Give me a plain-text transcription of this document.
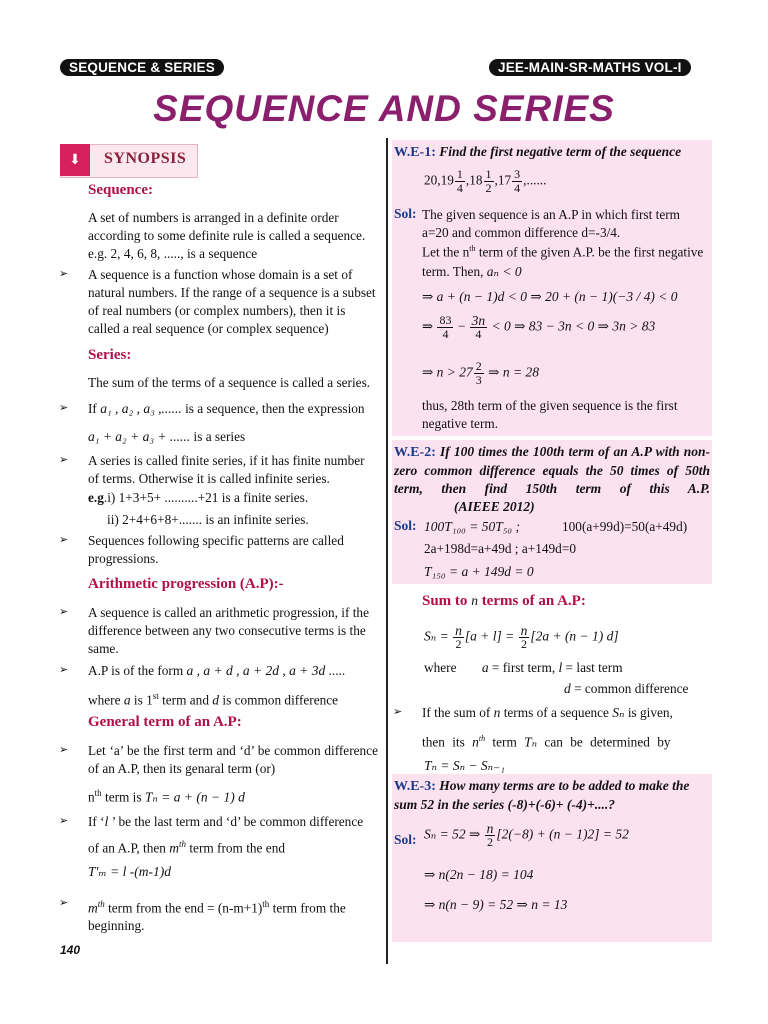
SEQUENCE & SERIES	JEE-MAIN-SR-MATHS VOL-I
SEQUENCE AND SERIES
⬇	SYNOPSIS
Sequence:
A set of numbers is arranged in a definite order according to some definite rule is called a sequence.
e.g. 2, 4, 6, 8, ....., is a sequence
➢ A sequence is a function whose domain is a set of natural numbers. If the range of a sequence is a subset of real numbers (or complex numbers), then it is called a real sequence (or complex sequence)
Series:
The sum of the terms of a sequence is called a series.
➢ If a₁ , a₂ , a₃ ,...... is a sequence, then the expression
a₁ + a₂ + a₃ + ...... is a series
➢ A series is called finite series, if it has finite number of terms. Otherwise it is called infinite series.
e.g.i) 1+3+5+ ..........+21 is a finite series.
ii) 2+4+6+8+....... is an infinite series.
➢ Sequences following specific patterns are called progressions.
Arithmetic progression (A.P):-
➢ A sequence is called an arithmetic progression, if the difference between any two consecutive terms is the same.
➢ A.P is of the form a , a + d , a + 2d , a + 3d .....
where a is 1st term and d is common difference
General term of an A.P:
➢ Let ‘a’ be the first term and ‘d’ be common difference of an A.P, then its genaral term (or)
$n^{th}$ term is Tₙ = a + (n − 1) d
➢ If ‘l ’ be the last term and ‘d’ be common difference
of an A.P, then $m^{th}$ term from the end
T′ₘ = l -(m-1)d
➢ $m^{th}$ term from the end = $(n-m+1)^{th}$ term from the beginning.
140
W.E-1: Find the first negative term of the sequence
$20,19 \frac{1}{4} ,18 \frac{1}{2} ,17 \frac{3}{4}$ ,......
Sol: The given sequence is an A.P in which first term a=20 and common difference d=-3/4.
Let the $n^{th}$ term of the given A.P. be the first negative
term. Then, aₙ < 0
⇒ a + (n − 1)d < 0 ⇒ 20 + (n − 1)(−3 / 4) < 0
⇒ $\frac{83}{4} - \frac{3n}{4} < 0$ ⇒ 83 − 3n < 0 ⇒ 3n > 83
⇒ $n > 27 \frac{2}{3}$ ⇒ n = 28
thus, 28th term of the given sequence is the first negative term.
W.E-2: If 100 times the 100th term of an A.P with non-zero common difference equals the 50 times of 50th term, then find 150th term of this A.P. (AIEEE 2012)
Sol: 100T₁₀₀ = 50T₅₀ ;	100(a+99d)=50(a+49d)
2a+198d=a+49d ; a+149d=0
T₁₅₀ = a + 149d = 0
Sum to n terms of an A.P:
$S_n = \frac{n}{2} [a + l] = \frac{n}{2} [2a + (n - 1)$ d]
where a = first term, l = last term
d = common difference
➢ If the sum of n terms of a sequence Sₙ is given,
then its $n^{th}$ term Tₙ can be determined by
Tₙ = Sₙ − Sₙ₋₁
W.E-3: How many terms are to be added to make the sum 52 in the series (-8)+(-6)+ (-4)+....?
Sol: Sₙ = 52 ⇒ $\frac{n}{2} [2(-8) + (n - 1)2] = 52$
⇒ n(2n − 18) = 104
⇒ n(n − 9) = 52 ⇒ n = 13
